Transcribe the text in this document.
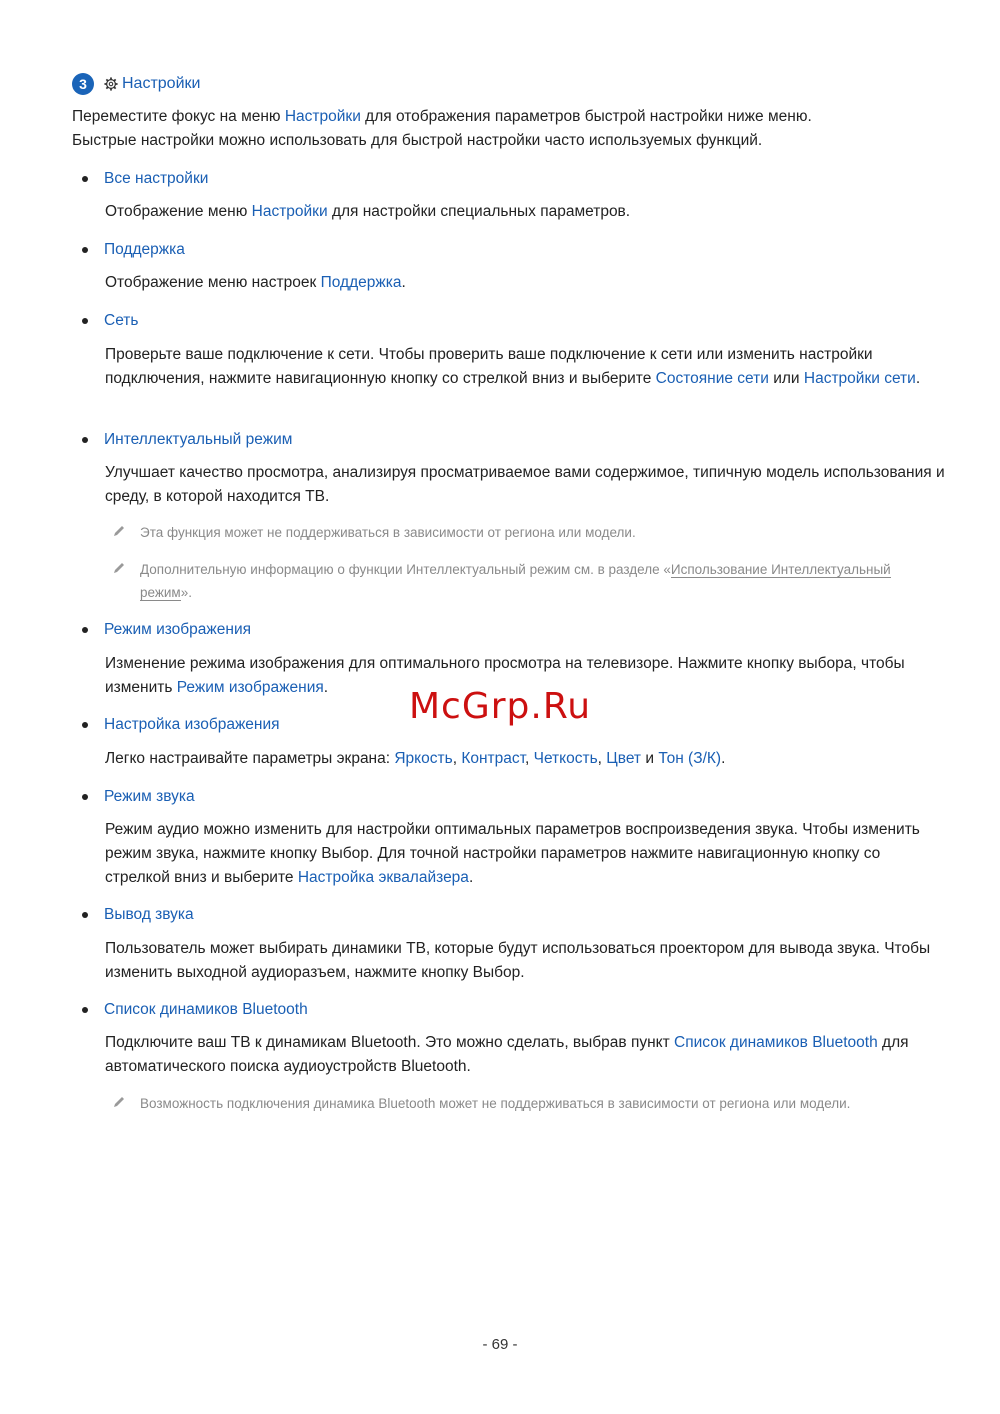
3	Настройки
Переместите фокус на меню Настройки для отображения параметров быстрой настройки ниже меню.
Быстрые настройки можно использовать для быстрой настройки часто используемых функций.
Все настройки
Отображение меню Настройки для настройки специальных параметров.
Поддержка
Отображение меню настроек Поддержка.
Сеть
Проверьте ваше подключение к сети. Чтобы проверить ваше подключение к сети или изменить настройки подключения, нажмите навигационную кнопку со стрелкой вниз и выберите Состояние сети или Настройки сети.
Интеллектуальный режим
Улучшает качество просмотра, анализируя просматриваемое вами содержимое, типичную модель использования и среду, в которой находится ТВ.
Эта функция может не поддерживаться в зависимости от региона или модели.
Дополнительную информацию о функции Интеллектуальный режим см. в разделе «Использование Интеллектуальный режим».
Режим изображения
Изменение режима изображения для оптимального просмотра на телевизоре. Нажмите кнопку выбора, чтобы изменить Режим изображения.
Настройка изображения
Легко настраивайте параметры экрана: Яркость, Контраст, Четкость, Цвет и Тон (З/К).
Режим звука
Режим аудио можно изменить для настройки оптимальных параметров воспроизведения звука. Чтобы изменить режим звука, нажмите кнопку Выбор. Для точной настройки параметров нажмите навигационную кнопку со стрелкой вниз и выберите Настройка эквалайзера.
Вывод звука
Пользователь может выбирать динамики ТВ, которые будут использоваться проектором для вывода звука. Чтобы изменить выходной аудиоразъем, нажмите кнопку Выбор.
Список динамиков Bluetooth
Подключите ваш ТВ к динамикам Bluetooth. Это можно сделать, выбрав пункт Список динамиков Bluetooth для автоматического поиска аудиоустройств Bluetooth.
Возможность подключения динамика Bluetooth может не поддерживаться в зависимости от региона или модели.
McGrp.Ru
- 69 -
